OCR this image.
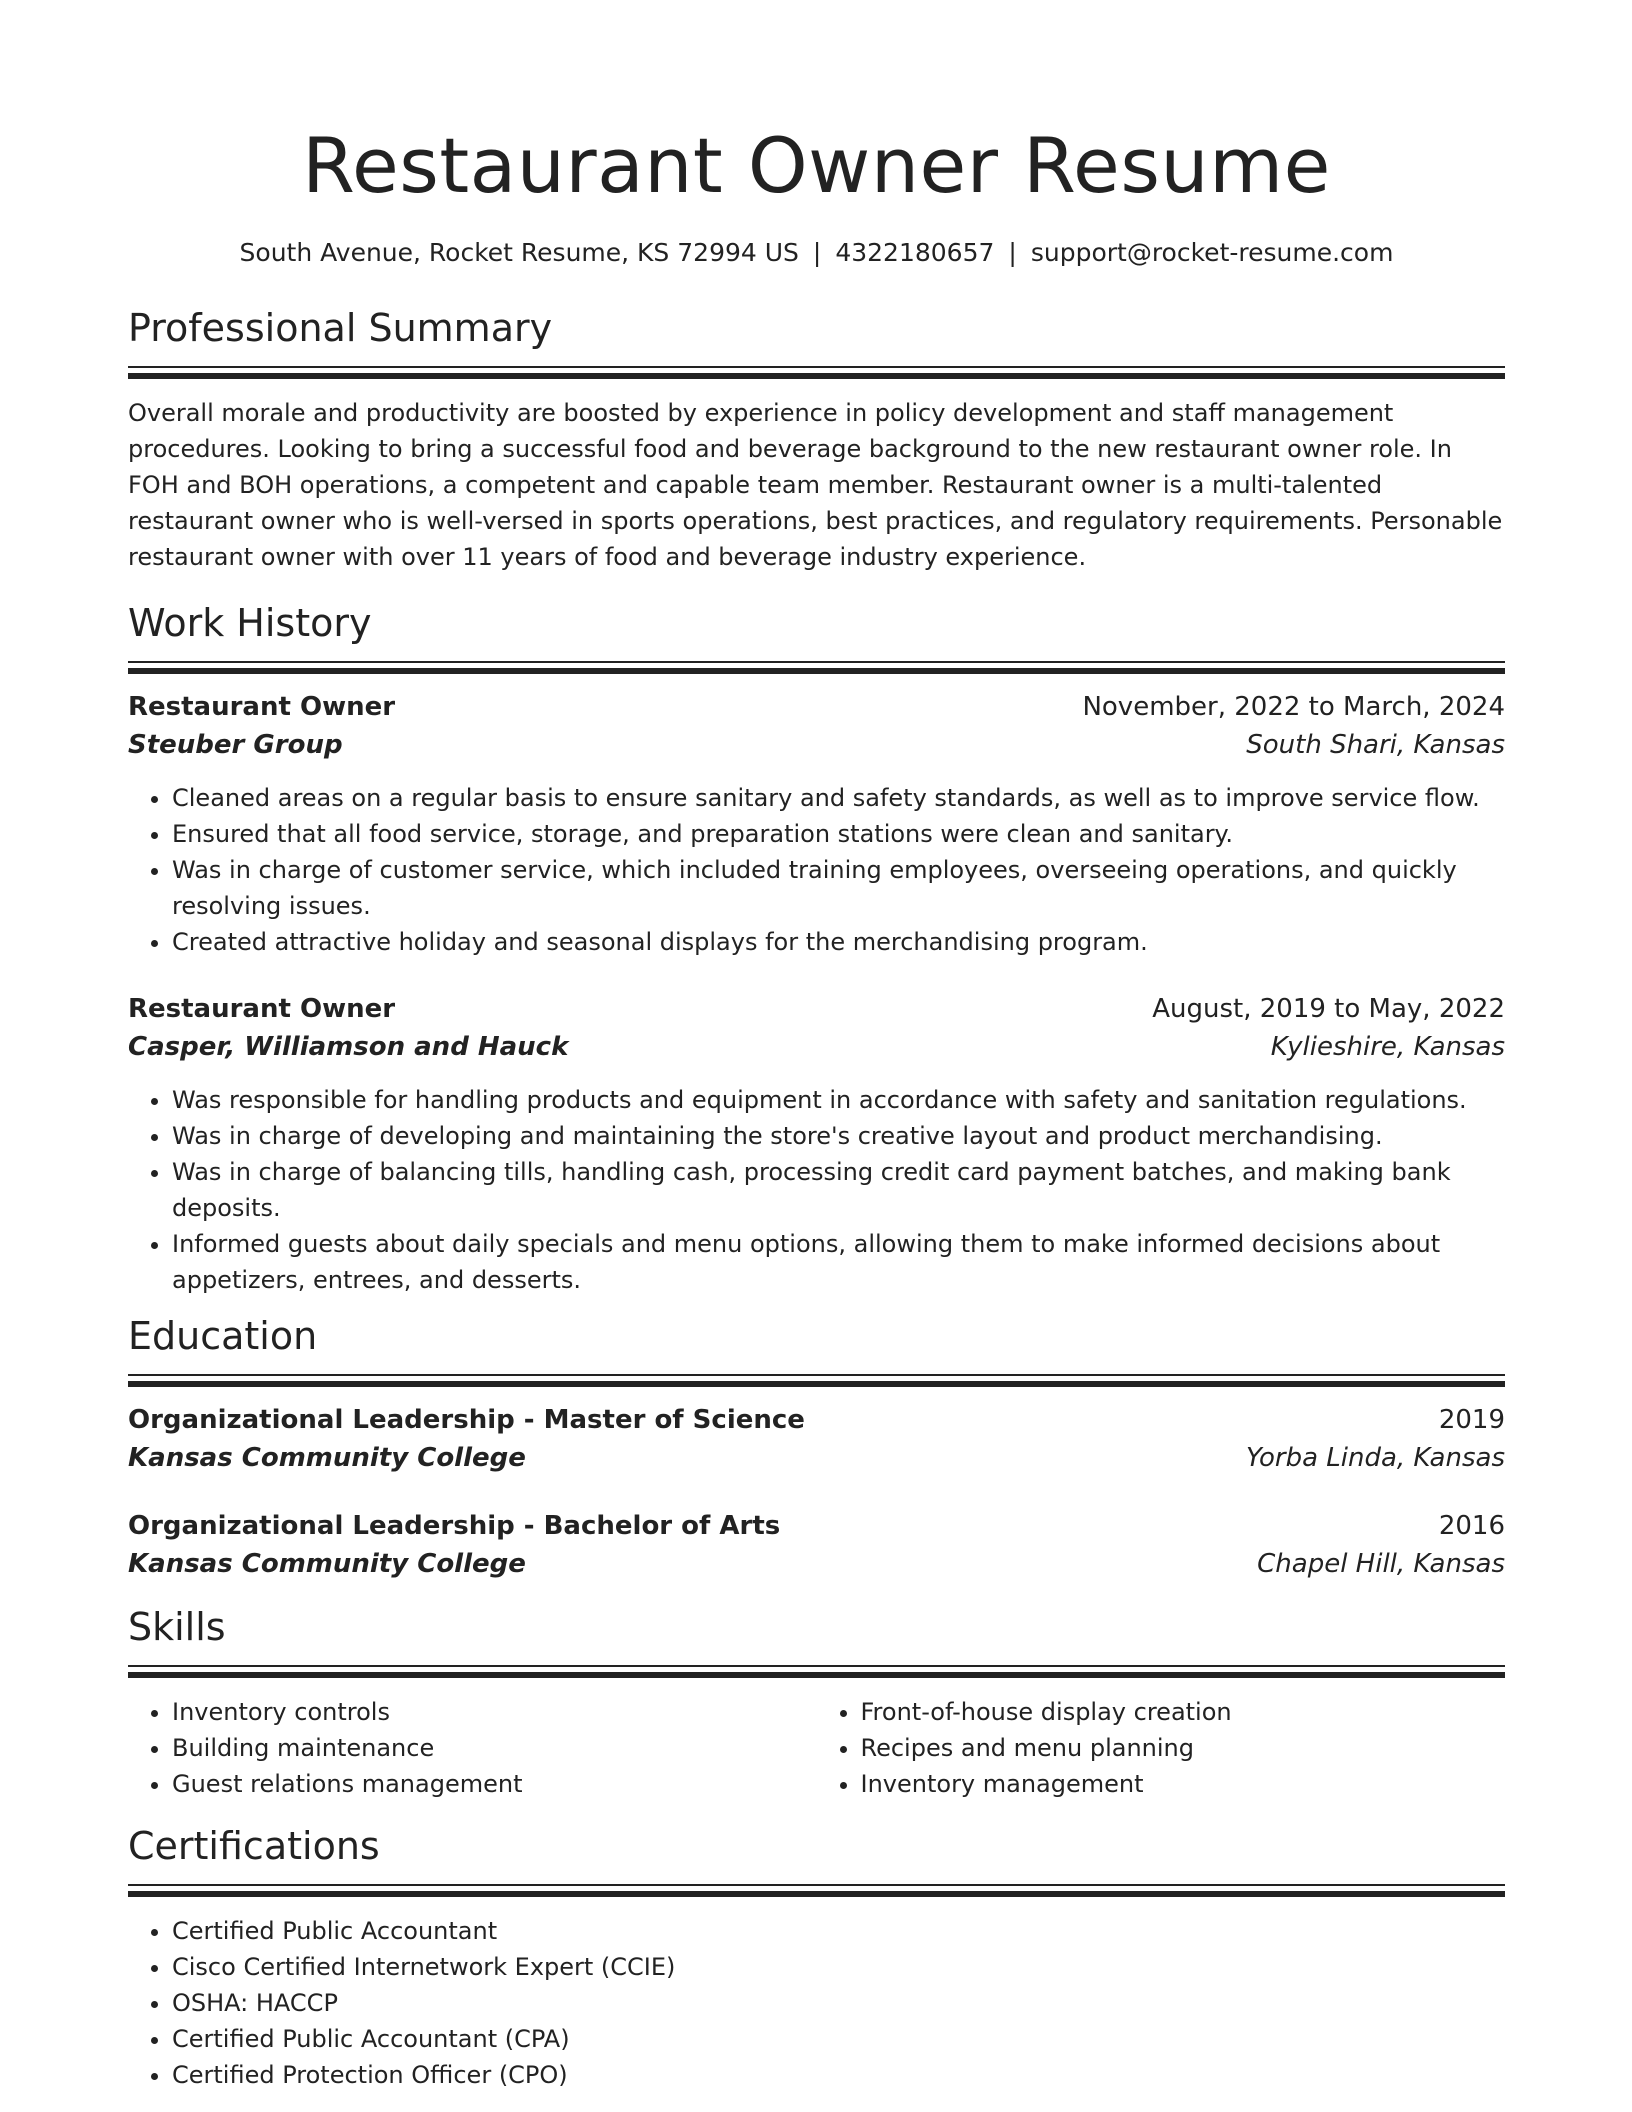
Restaurant Owner Resume
South Avenue, Rocket Resume, KS 72994 US | 4322180657 | support@rocket-resume.com
Professional Summary

Overall morale and productivity are boosted by experience in policy development and staff management procedures. Looking to bring a successful food and beverage background to the new restaurant owner role. In FOH and BOH operations, a competent and capable team member. Restaurant owner is a multi-talented restaurant owner who is well-versed in sports operations, best practices, and regulatory requirements. Personable restaurant owner with over 11 years of food and beverage industry experience.

Work History
Restaurant Owner	November, 2022 to March, 2024
Steuber Group	South Shari, Kansas
• Cleaned areas on a regular basis to ensure sanitary and safety standards, as well as to improve service flow.
• Ensured that all food service, storage, and preparation stations were clean and sanitary.
• Was in charge of customer service, which included training employees, overseeing operations, and quickly resolving issues.
• Created attractive holiday and seasonal displays for the merchandising program.
Restaurant Owner	August, 2019 to May, 2022
Casper, Williamson and Hauck	Kylieshire, Kansas
• Was responsible for handling products and equipment in accordance with safety and sanitation regulations.
• Was in charge of developing and maintaining the store's creative layout and product merchandising.
• Was in charge of balancing tills, handling cash, processing credit card payment batches, and making bank deposits.
• Informed guests about daily specials and menu options, allowing them to make informed decisions about appetizers, entrees, and desserts.
Education
Organizational Leadership - Master of Science	2019
Kansas Community College	Yorba Linda, Kansas
Organizational Leadership - Bachelor of Arts	2016
Kansas Community College	Chapel Hill, Kansas
Skills
• Inventory controls
• Building maintenance
• Guest relations management
• Front-of-house display creation
• Recipes and menu planning
• Inventory management
Certifications
• Certified Public Accountant
• Cisco Certified Internetwork Expert (CCIE)
• OSHA: HACCP
• Certified Public Accountant (CPA)
• Certified Protection Officer (CPO)
